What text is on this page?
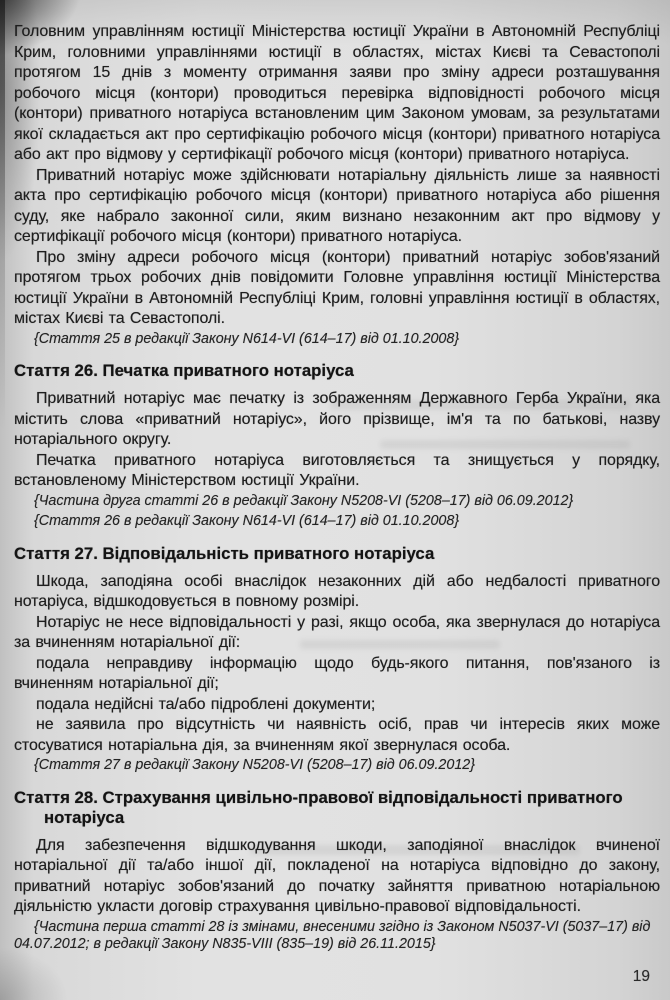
Головним управлінням юстиції Міністерства юстиції України в Автономній Республіці Крим, головними управліннями юстиції в областях, містах Києві та Севастополі протягом 15 днів з моменту отримання заяви про зміну адреси розташування робочого місця (контори) проводиться перевірка відповідності робочого місця (контори) приватного нотаріуса встановленим цим Законом умовам, за результатами якої складається акт про сертифікацію робочого місця (контори) приватного нотаріуса або акт про відмову у сертифікації робочого місця (контори) приватного нотаріуса.

Приватний нотаріус може здійснювати нотаріальну діяльність лише за наявності акта про сертифікацію робочого місця (контори) приватного нотаріуса або рішення суду, яке набрало законної сили, яким визнано незаконним акт про відмову у сертифікації робочого місця (контори) приватного нотаріуса.

Про зміну адреси робочого місця (контори) приватний нотаріус зобов'язаний протягом трьох робочих днів повідомити Головне управління юстиції Міністерства юстиції України в Автономній Республіці Крим, головні управління юстиції в областях, містах Києві та Севастополі.

{Стаття 25 в редакції Закону N614-VI (614–17) від 01.10.2008}

Стаття 26. Печатка приватного нотаріуса

Приватний нотаріус має печатку із зображенням Державного Герба України, яка містить слова «приватний нотаріус», його прізвище, ім'я та по батькові, назву нотаріального округу.

Печатка приватного нотаріуса виготовляється та знищується у порядку, встановленому Міністерством юстиції України.

{Частина друга статті 26 в редакції Закону N5208-VI (5208–17) від 06.09.2012}

{Стаття 26 в редакції Закону N614-VI (614–17) від 01.10.2008}

Стаття 27. Відповідальність приватного нотаріуса

Шкода, заподіяна особі внаслідок незаконних дій або недбалості приватного нотаріуса, відшкодовується в повному розмірі.

Нотаріус не несе відповідальності у разі, якщо особа, яка звернулася до нотаріуса за вчиненням нотаріальної дії:

подала неправдиву інформацію щодо будь-якого питання, пов'язаного із вчиненням нотаріальної дії;

подала недійсні та/або підроблені документи;

не заявила про відсутність чи наявність осіб, прав чи інтересів яких може стосуватися нотаріальна дія, за вчиненням якої звернулася особа.

{Стаття 27 в редакції Закону N5208-VI (5208–17) від 06.09.2012}

Стаття 28. Страхування цивільно-правової відповідальності приватного нотаріуса

Для забезпечення відшкодування шкоди, заподіяної внаслідок вчиненої нотаріальної дії та/або іншої дії, покладеної на нотаріуса відповідно до закону, приватний нотаріус зобов'язаний до початку зайняття приватною нотаріальною діяльністю укласти договір страхування цивільно-правової відповідальності.

{Частина перша статті 28 із змінами, внесеними згідно із Законом N5037-VI (5037–17) від 04.07.2012; в редакції Закону N835-VIII (835–19) від 26.11.2015}

19
